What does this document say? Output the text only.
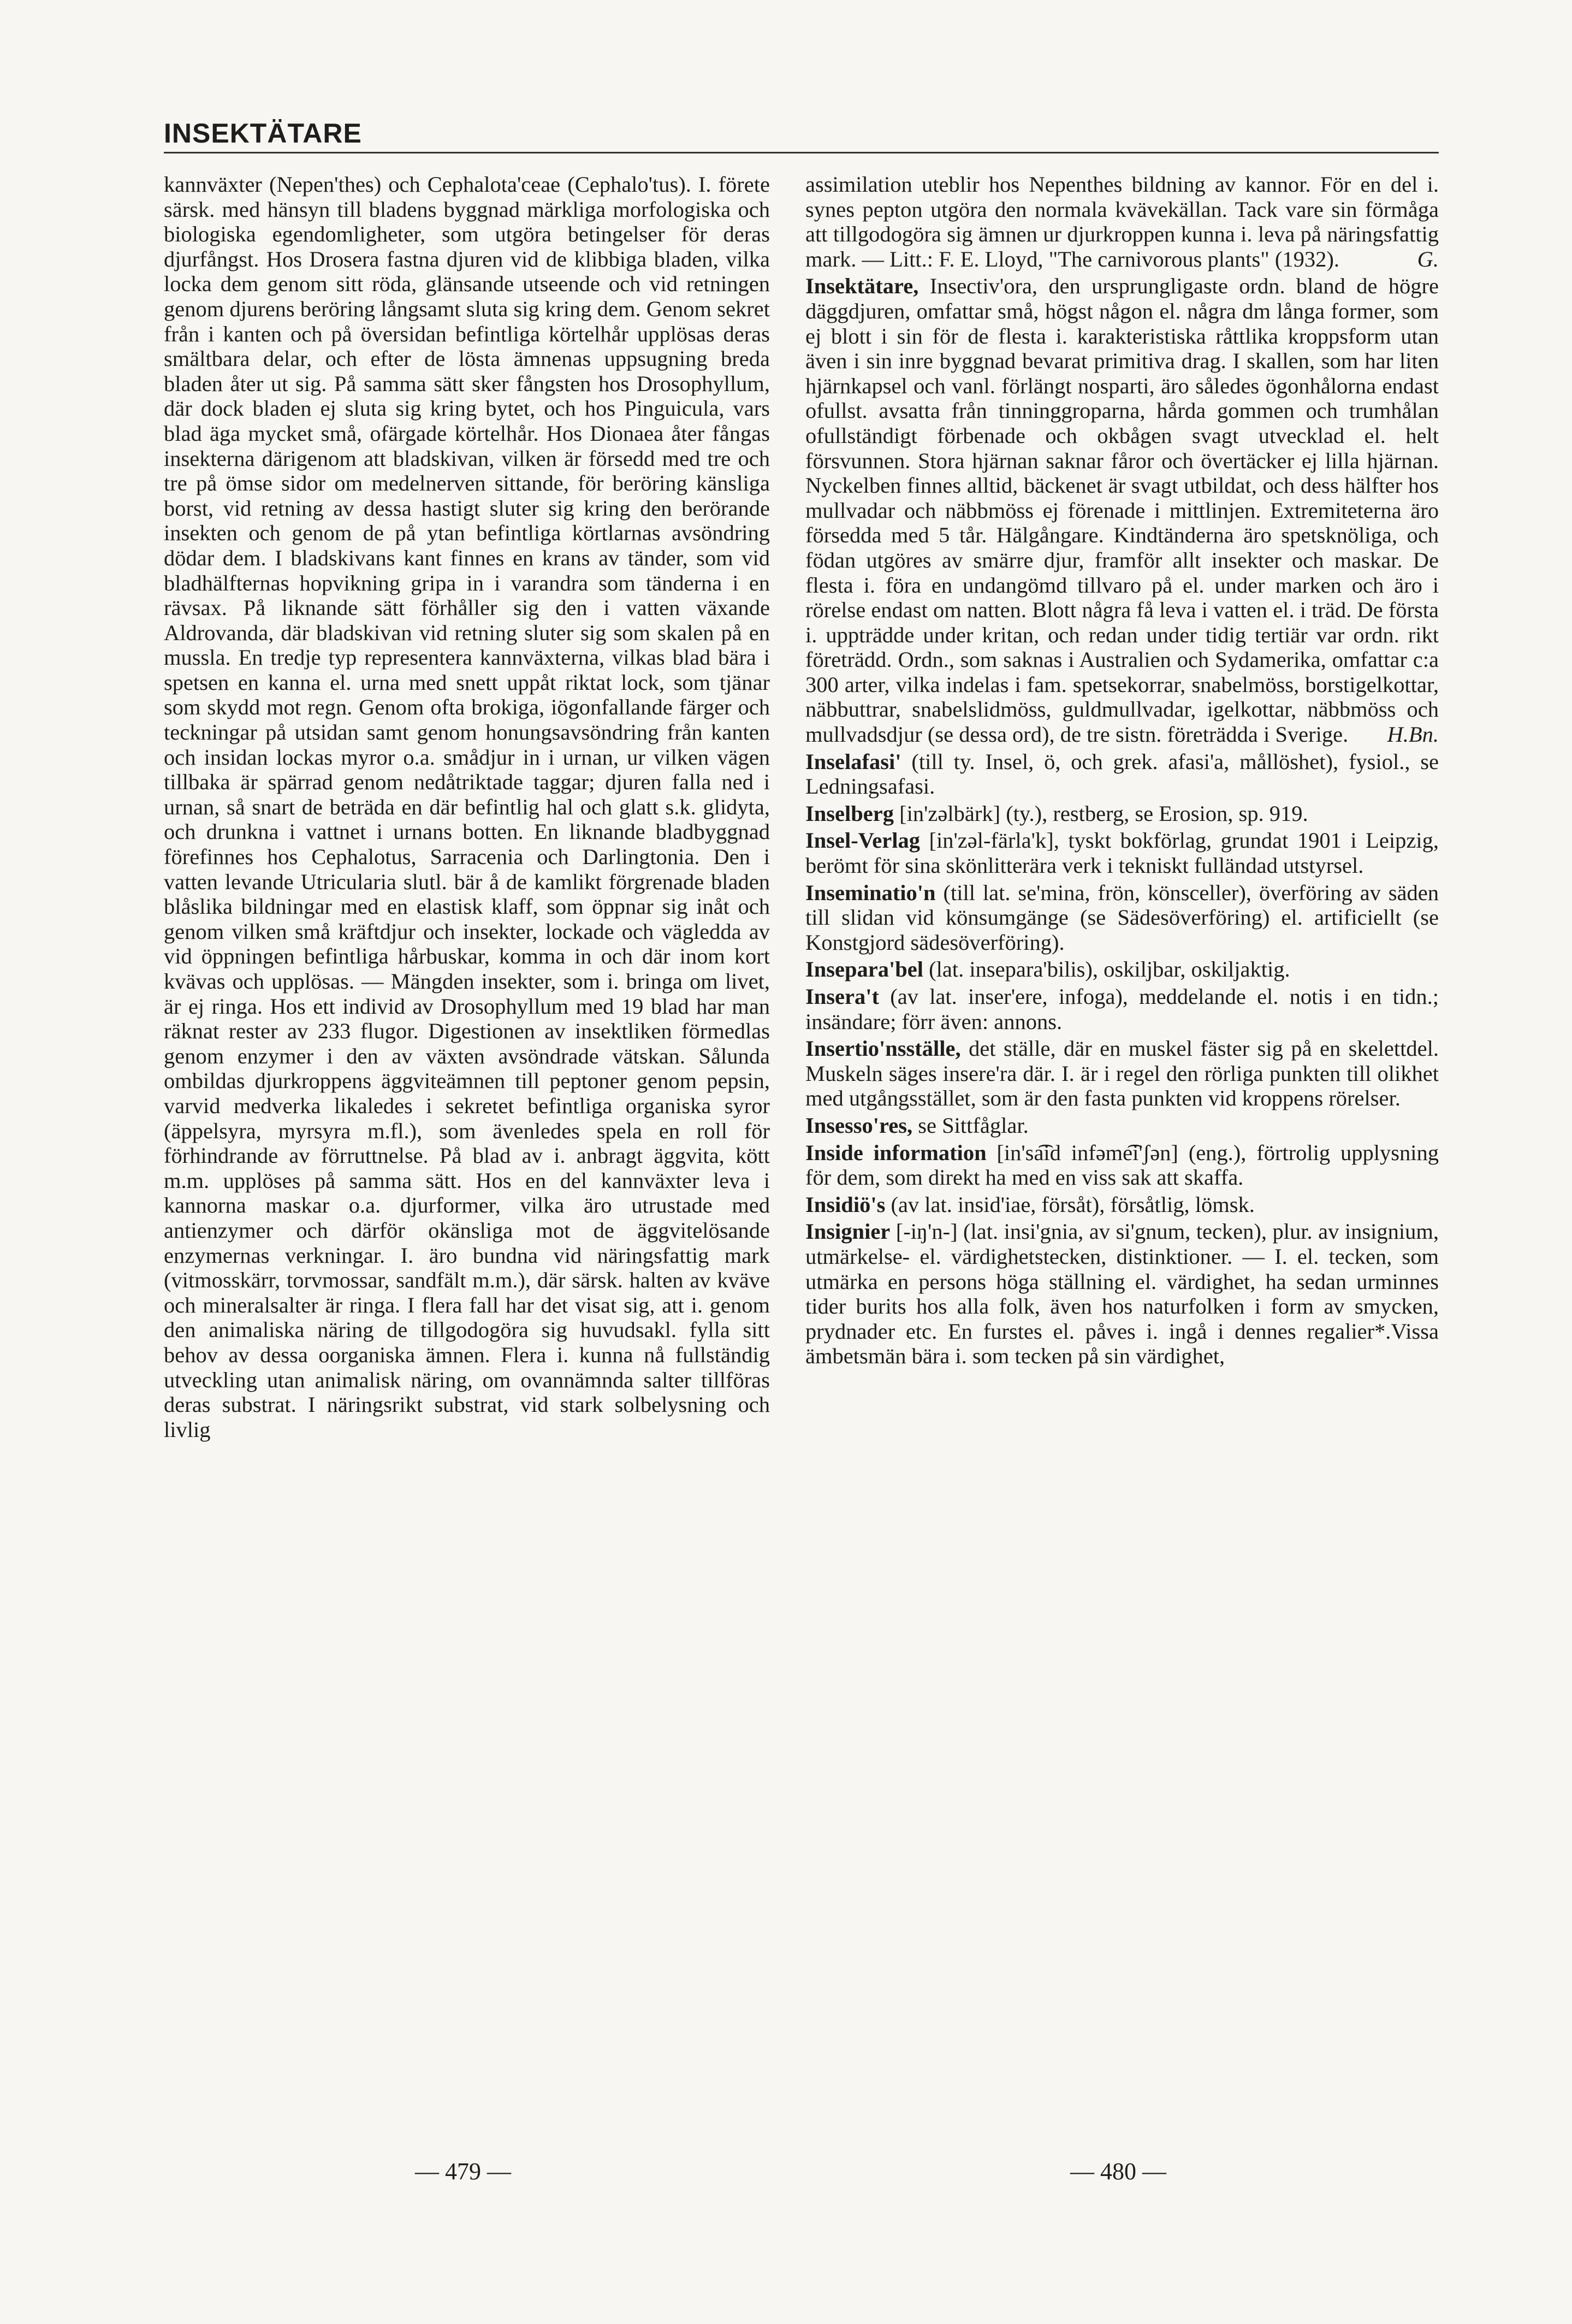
INSEKTÄTARE

kannväxter (Nepen'thes) och Cephalota'ceae (Cephalo'tus). I. förete särsk. med hänsyn till bladens byggnad märkliga morfologiska och biologiska egendomligheter, som utgöra betingelser för deras djurfångst. Hos Drosera fastna djuren vid de klibbiga bladen, vilka locka dem genom sitt röda, glänsande utseende och vid retningen genom djurens beröring långsamt sluta sig kring dem. Genom sekret från i kanten och på översidan befintliga körtelhår upplösas deras smältbara delar, och efter de lösta ämnenas uppsugning breda bladen åter ut sig. På samma sätt sker fångsten hos Drosophyllum, där dock bladen ej sluta sig kring bytet, och hos Pinguicula, vars blad äga mycket små, ofärgade körtelhår. Hos Dionaea åter fångas insekterna därigenom att bladskivan, vilken är försedd med tre och tre på ömse sidor om medelnerven sittande, för beröring känsliga borst, vid retning av dessa hastigt sluter sig kring den berörande insekten och genom de på ytan befintliga körtlarnas avsöndring dödar dem. I bladskivans kant finnes en krans av tänder, som vid bladhälfternas hopvikning gripa in i varandra som tänderna i en rävsax. På liknande sätt förhåller sig den i vatten växande Aldrovanda, där bladskivan vid retning sluter sig som skalen på en mussla. En tredje typ representera kannväxterna, vilkas blad bära i spetsen en kanna el. urna med snett uppåt riktat lock, som tjänar som skydd mot regn. Genom ofta brokiga, iögonfallande färger och teckningar på utsidan samt genom honungsavsöndring från kanten och insidan lockas myror o.a. smådjur in i urnan, ur vilken vägen tillbaka är spärrad genom nedåtriktade taggar; djuren falla ned i urnan, så snart de beträda en där befintlig hal och glatt s.k. glidyta, och drunkna i vattnet i urnans botten. En liknande bladbyggnad förefinnes hos Cephalotus, Sarracenia och Darlingtonia. Den i vatten levande Utricularia slutl. bär å de kamlikt förgrenade bladen blåslika bildningar med en elastisk klaff, som öppnar sig inåt och genom vilken små kräftdjur och insekter, lockade och vägledda av vid öppningen befintliga hårbuskar, komma in och där inom kort kvävas och upplösas. — Mängden insekter, som i. bringa om livet, är ej ringa. Hos ett individ av Drosophyllum med 19 blad har man räknat rester av 233 flugor. Digestionen av insektliken förmedlas genom enzymer i den av växten avsöndrade vätskan. Sålunda ombildas djurkroppens äggviteämnen till peptoner genom pepsin, varvid medverka likaledes i sekretet befintliga organiska syror (äppelsyra, myrsyra m.fl.), som ävenledes spela en roll för förhindrande av förruttnelse. På blad av i. anbragt äggvita, kött m.m. upplöses på samma sätt. Hos en del kannväxter leva i kannorna maskar o.a. djurformer, vilka äro utrustade med antienzymer och därför okänsliga mot de äggvitelösande enzymernas verkningar. I. äro bundna vid näringsfattig mark (vitmosskärr, torvmossar, sandfält m.m.), där särsk. halten av kväve och mineralsalter är ringa. I flera fall har det visat sig, att i. genom den animaliska näring de tillgodogöra sig huvudsakl. fylla sitt behov av dessa oorganiska ämnen. Flera i. kunna nå fullständig utveckling utan animalisk näring, om ovannämnda salter tillföras deras substrat. I näringsrikt substrat, vid stark solbelysning och livlig

assimilation uteblir hos Nepenthes bildning av kannor. För en del i. synes pepton utgöra den normala kvävekällan. Tack vare sin förmåga att tillgodogöra sig ämnen ur djurkroppen kunna i. leva på näringsfattig mark. — Litt.: F. E. Lloyd, "The carnivorous plants" (1932).	G.

Insektätare, Insectiv'ora, den ursprungligaste ordn. bland de högre däggdjuren, omfattar små, högst någon el. några dm långa former, som ej blott i sin för de flesta i. karakteristiska råttlika kroppsform utan även i sin inre byggnad bevarat primitiva drag. I skallen, som har liten hjärnkapsel och vanl. förlängt nosparti, äro således ögonhålorna endast ofullst. avsatta från tinninggroparna, hårda gommen och trumhålan ofullständigt förbenade och okbågen svagt utvecklad el. helt försvunnen. Stora hjärnan saknar fåror och övertäcker ej lilla hjärnan. Nyckelben finnes alltid, bäckenet är svagt utbildat, och dess hälfter hos mullvadar och näbbmöss ej förenade i mittlinjen. Extremiteterna äro försedda med 5 tår. Hälgångare. Kindtänderna äro spetsknöliga, och födan utgöres av smärre djur, framför allt insekter och maskar. De flesta i. föra en undangömd tillvaro på el. under marken och äro i rörelse endast om natten. Blott några få leva i vatten el. i träd. De första i. uppträdde under kritan, och redan under tidig tertiär var ordn. rikt företrädd. Ordn., som saknas i Australien och Sydamerika, omfattar c:a 300 arter, vilka indelas i fam. spetsekorrar, snabelmöss, borstigelkottar, näbbuttrar, snabelslidmöss, guldmullvadar, igelkottar, näbbmöss och mullvadsdjur (se dessa ord), de tre sistn. företrädda i Sverige. H.Bn.

Inselafasi' (till ty. Insel, ö, och grek. afasi'a, mållöshet), fysiol., se Ledningsafasi.

Inselberg [in'zəlbärk] (ty.), restberg, se Erosion, sp. 919.

Insel-Verlag [in'zəl-färla'k], tyskt bokförlag, grundat 1901 i Leipzig, berömt för sina skönlitterära verk i tekniskt fulländad utstyrsel.

Inseminatio'n (till lat. se'mina, frön, könsceller), överföring av säden till slidan vid könsumgänge (se Sädesöverföring) el. artificiellt (se Konstgjord sädesöverföring).

Insepara'bel (lat. insepara'bilis), oskiljbar, oskiljaktig.

Insera't (av lat. inser'ere, infoga), meddelande el. notis i en tidn.; insändare; förr även: annons.

Insertio'nsställe, det ställe, där en muskel fäster sig på en skelettdel. Muskeln säges insere'ra där. I. är i regel den rörliga punkten till olikhet med utgångsstället, som är den fasta punkten vid kroppens rörelser.

Insesso'res, se Sittfåglar.

Inside information [in'sa͡id infəme͡i'ʃən] (eng.), förtrolig upplysning för dem, som direkt ha med en viss sak att skaffa.

Insidiö's (av lat. insid'iae, försåt), försåtlig, lömsk.

Insignier [-iŋ'n-] (lat. insi'gnia, av si'gnum, tecken), plur. av insignium, utmärkelse- el. värdighetstecken, distinktioner. — I. el. tecken, som utmärka en persons höga ställning el. värdighet, ha sedan urminnes tider burits hos alla folk, även hos naturfolken i form av smycken, prydnader etc. En furstes el. påves i. ingå i dennes regalier*.Vissa ämbetsmän bära i. som tecken på sin värdighet,

— 479 —	— 480 —
